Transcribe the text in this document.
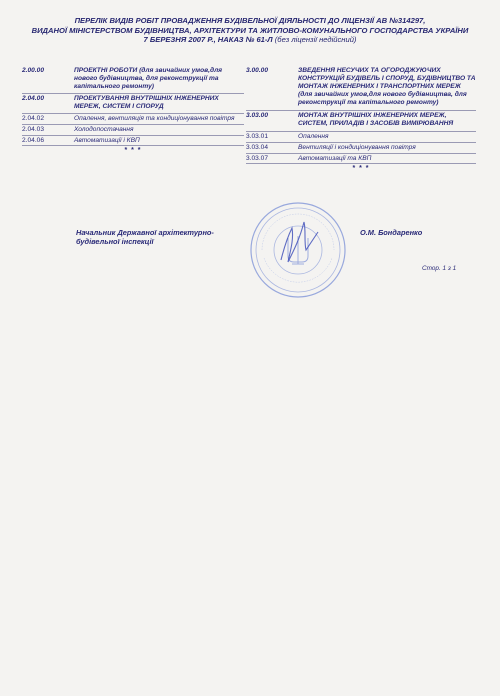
ПЕРЕЛІК ВИДІВ РОБІТ ПРОВАДЖЕННЯ БУДІВЕЛЬНОЇ ДІЯЛЬНОСТІ ДО ЛІЦЕНЗІЇ АВ №314297,
ВИДАНОЇ МІНІСТЕРСТВОМ БУДІВНИЦТВА, АРХІТЕКТУРИ ТА ЖИТЛОВО-КОМУНАЛЬНОГО ГОСПОДАРСТВА УКРАЇНИ
7 БЕРЕЗНЯ 2007 Р., НАКАЗ № 61-Л (без ліцензії недійсний)
2.00.00	ПРОЕКТНІ РОБОТИ (для звичайних умов,для нового будівництва, для реконструкції та капітального ремонту)
2.04.00	ПРОЕКТУВАННЯ ВНУТРІШНІХ ІНЖЕНЕРНИХ МЕРЕЖ, СИСТЕМ І СПОРУД
2.04.02	Опалення, вентиляція та кондиціонування повітря
2.04.03	Холодопостачання
2.04.06	Автоматизації і КВП
* * *
3.00.00	ЗВЕДЕННЯ НЕСУЧИХ ТА ОГОРОДЖУЮЧИХ КОНСТРУКЦІЙ БУДІВЕЛЬ І СПОРУД, БУДІВНИЦТВО ТА МОНТАЖ ІНЖЕНЕРНИХ І ТРАНСПОРТНИХ МЕРЕЖ (для звичайних умов,для нового будівництва, для реконструкції та капітального ремонту)
3.03.00	МОНТАЖ ВНУТРІШНІХ ІНЖЕНЕРНИХ МЕРЕЖ, СИСТЕМ, ПРИЛАДІВ І ЗАСОБІВ ВИМІРЮВАННЯ
3.03.01	Опалення
3.03.04	Вентиляції і кондиціонування повітря
3.03.07	Автоматизації та КВП
* * *
Начальник Державної архітектурно-будівельної інспекції
О.М. Бондаренко
Стор. 1 з 1
